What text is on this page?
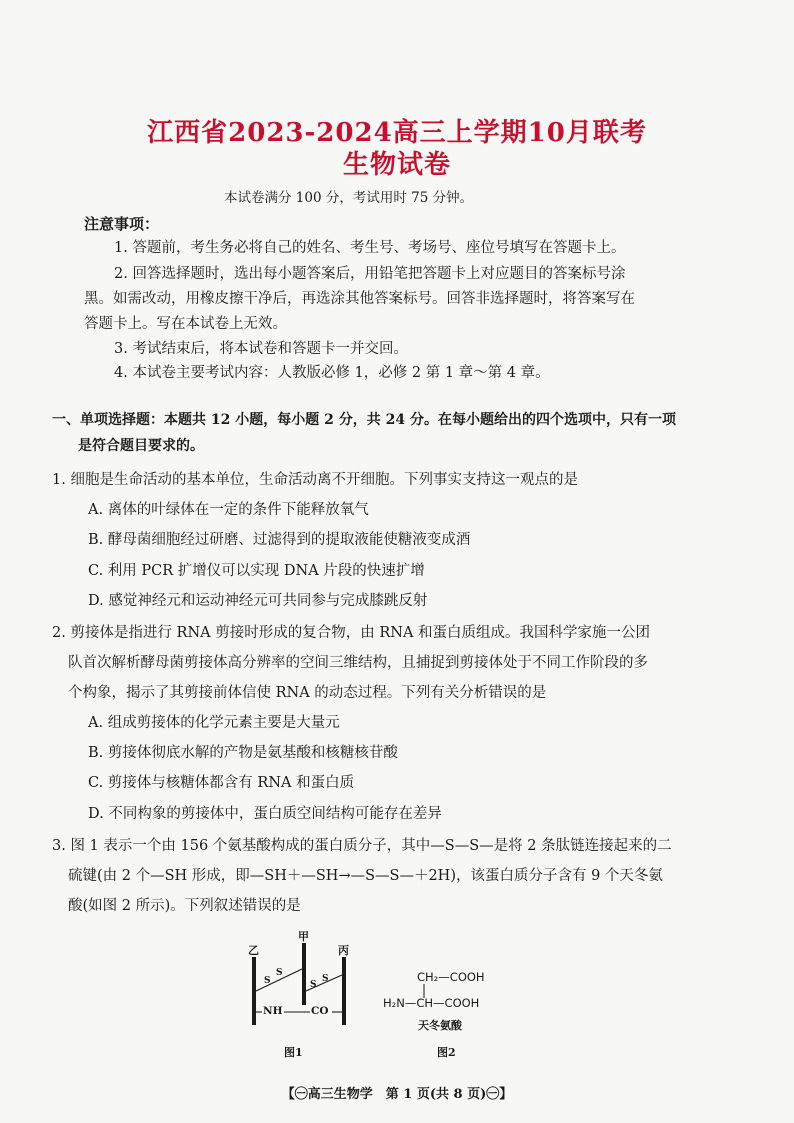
江西省2023-2024高三上学期10月联考
生物试卷
本试卷满分 100 分，考试用时 75 分钟。
注意事项：
1. 答题前，考生务必将自己的姓名、考生号、考场号、座位号填写在答题卡上。
2. 回答选择题时，选出每小题答案后，用铅笔把答题卡上对应题目的答案标号涂
黑。如需改动，用橡皮擦干净后，再选涂其他答案标号。回答非选择题时，将答案写在
答题卡上。写在本试卷上无效。
3. 考试结束后，将本试卷和答题卡一并交回。
4. 本试卷主要考试内容：人教版必修 1，必修 2 第 1 章～第 4 章。
一、单项选择题：本题共 12 小题，每小题 2 分，共 24 分。在每小题给出的四个选项中，只有一项
是符合题目要求的。
1. 细胞是生命活动的基本单位，生命活动离不开细胞。下列事实支持这一观点的是
A. 离体的叶绿体在一定的条件下能释放氧气
B. 酵母菌细胞经过研磨、过滤得到的提取液能使糖液变成酒
C. 利用 PCR 扩增仪可以实现 DNA 片段的快速扩增
D. 感觉神经元和运动神经元可共同参与完成膝跳反射
2. 剪接体是指进行 RNA 剪接时形成的复合物，由 RNA 和蛋白质组成。我国科学家施一公团
队首次解析酵母菌剪接体高分辨率的空间三维结构，且捕捉到剪接体处于不同工作阶段的多
个构象，揭示了其剪接前体信使 RNA 的动态过程。下列有关分析错误的是
A. 组成剪接体的化学元素主要是大量元
B. 剪接体彻底水解的产物是氨基酸和核糖核苷酸
C. 剪接体与核糖体都含有 RNA 和蛋白质
D. 不同构象的剪接体中，蛋白质空间结构可能存在差异
3. 图 1 表示一个由 156 个氨基酸构成的蛋白质分子，其中—S—S—是将 2 条肽链连接起来的二
硫键(由 2 个—SH 形成，即—SH＋—SH→—S—S—＋2H)，该蛋白质分子含有 9 个天冬氨
酸(如图 2 所示)。下列叙述错误的是
乙
甲
丙
S
S
S
S
NH	CO
图1
CH₂—COOH
H₂N—CH—COOH
天冬氨酸
图2
【㊀高三生物学　第 1 页(共 8 页)㊀】
